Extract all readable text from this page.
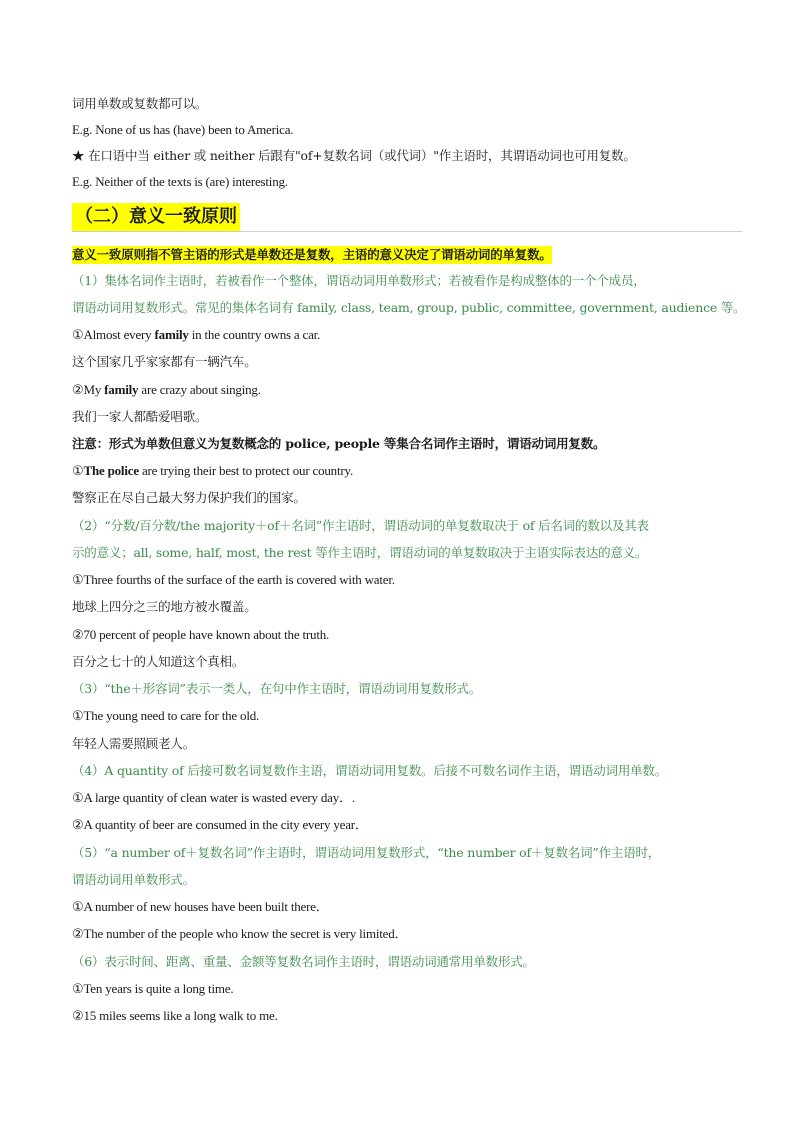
词用单数或复数都可以。
E.g. None of us has (have) been to America.
★ 在口语中当 either 或 neither 后跟有"of+复数名词（或代词）"作主语时，其谓语动词也可用复数。
E.g. Neither of the texts is (are) interesting.
（二）意义一致原则
意义一致原则指不管主语的形式是单数还是复数，主语的意义决定了谓语动词的单复数。
（1）集体名词作主语时，若被看作一个整体，谓语动词用单数形式；若被看作是构成整体的一个个成员，
谓语动词用复数形式。常见的集体名词有 family, class, team, group, public, committee, government, audience 等。
①Almost every family in the country owns a car.
这个国家几乎家家都有一辆汽车。
②My family are crazy about singing.
我们一家人都酷爱唱歌。
注意：形式为单数但意义为复数概念的 police, people 等集合名词作主语时，谓语动词用复数。
①The police are trying their best to protect our country.
警察正在尽自己最大努力保护我们的国家。
（2）“分数/百分数/the majority＋of＋名词”作主语时，谓语动词的单复数取决于 of 后名词的数以及其表
示的意义；all, some, half, most, the rest 等作主语时，谓语动词的单复数取决于主语实际表达的意义。
①Three fourths of the surface of the earth is covered with water.
地球上四分之三的地方被水覆盖。
②70 percent of people have known about the truth.
百分之七十的人知道这个真相。
（3）“the＋形容词”表示一类人，在句中作主语时，谓语动词用复数形式。
①The young need to care for the old.
年轻人需要照顾老人。
（4）A quantity of 后接可数名词复数作主语，谓语动词用复数。后接不可数名词作主语，谓语动词用单数。
①A large quantity of clean water is wasted every day．.
②A quantity of beer are consumed in the city every year．
（5）“a number of＋复数名词”作主语时，谓语动词用复数形式，“the number of＋复数名词”作主语时，
谓语动词用单数形式。
①A number of new houses have been built there．
②The number of the people who know the secret is very limited．
（6）表示时间、距离、重量、金额等复数名词作主语时，谓语动词通常用单数形式。
①Ten years is quite a long time.
②15 miles seems like a long walk to me.
